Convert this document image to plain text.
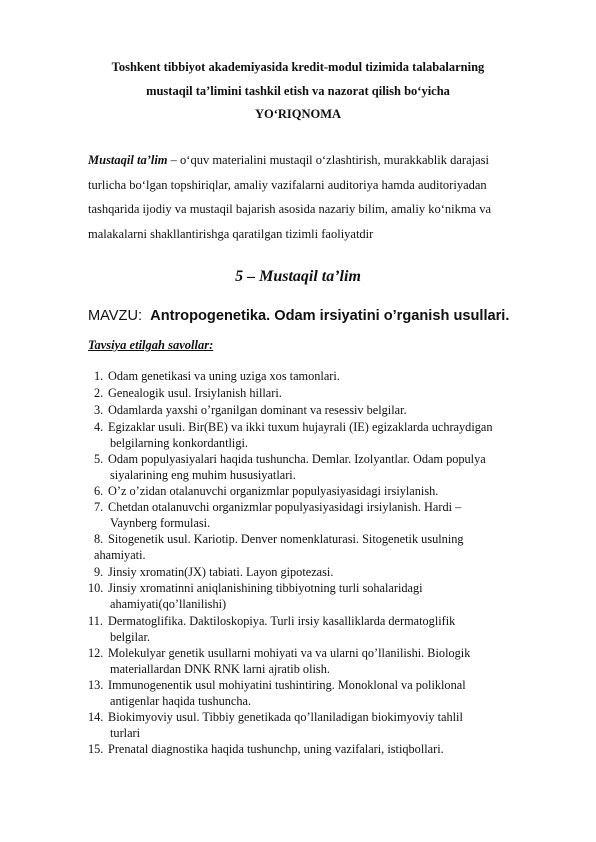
Toshkent tibbiyot akademiyasida kredit-modul tizimida talabalarning
mustaqil ta’limini tashkil etish va nazorat qilish bo‘yicha
YO‘RIQNOMA
Mustaqil ta’lim – o‘quv materialini mustaqil o‘zlashtirish, murakkablik darajasi
turlicha bo‘lgan topshiriqlar, amaliy vazifalarni auditoriya hamda auditoriyadan
tashqarida ijodiy va mustaqil bajarish asosida nazariy bilim, amaliy ko‘nikma va
malakalarni shakllantirishga qaratilgan tizimli faoliyatdir
5 – Mustaqil ta’lim
MAVZU: Antropogenetika. Odam irsiyatini o’rganish usullari.
Tavsiya etilgah savollar:
1. Odam genetikasi va uning uziga xos tamonlari.
2. Genealogik usul. Irsiylanish hillari.
3. Odamlarda yaxshi o’rganilgan dominant va resessiv belgilar.
4. Egizaklar usuli. Bir(BE) va ikki tuxum hujayrali (IE) egizaklarda uchraydigan
belgilarning konkordantligi.
5. Odam populyasiyalari haqida tushuncha. Demlar. Izolyantlar. Odam populya
siyalarining eng muhim hususiyatlari.
6. O’z o’zidan otalanuvchi organizmlar populyasiyasidagi irsiylanish.
7. Chetdan otalanuvchi organizmlar populyasiyasidagi irsiylanish. Hardi –
Vaynberg formulasi.
8. Sitogenetik usul. Kariotip. Denver nomenklaturasi. Sitogenetik usulning
ahamiyati.
9. Jinsiy xromatin(JX) tabiati. Layon gipotezasi.
10. Jinsiy xromatinni aniqlanishining tibbiyotning turli sohalaridagi
ahamiyati(qo’llanilishi)
11. Dermatoglifika. Daktiloskopiya. Turli irsiy kasalliklarda dermatoglifik
belgilar.
12. Molekulyar genetik usullarni mohiyati va va ularni qo’llanilishi. Biologik
materiallardan DNK RNK larni ajratib olish.
13. Immunogenentik usul mohiyatini tushintiring. Monoklonal va poliklonal
antigenlar haqida tushuncha.
14. Biokimyoviy usul. Tibbiy genetikada qo’llaniladigan biokimyoviy tahlil
turlari
15. Prenatal diagnostika haqida tushunchp, uning vazifalari, istiqbollari.
